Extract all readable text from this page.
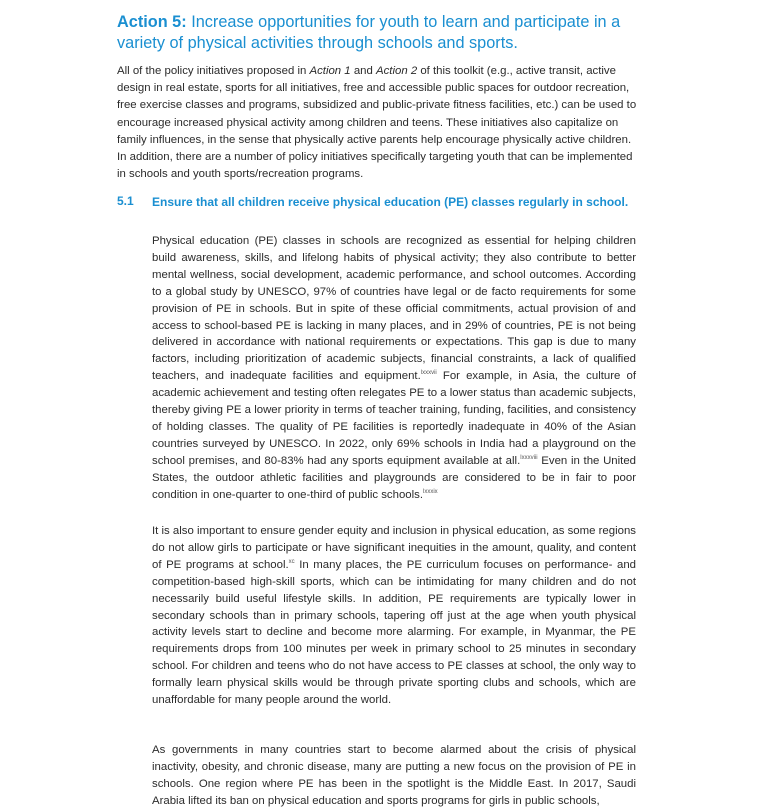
Action 5: Increase opportunities for youth to learn and participate in a variety of physical activities through schools and sports.

All of the policy initiatives proposed in Action 1 and Action 2 of this toolkit (e.g., active transit, active design in real estate, sports for all initiatives, free and accessible public spaces for outdoor recreation, free exercise classes and programs, subsidized and public-private fitness facilities, etc.) can be used to encourage increased physical activity among children and teens. These initiatives also capitalize on family influences, in the sense that physically active parents help encourage physically active children. In addition, there are a number of policy initiatives specifically targeting youth that can be implemented in schools and youth sports/recreation programs.

5.1 Ensure that all children receive physical education (PE) classes regularly in school.

Physical education (PE) classes in schools are recognized as essential for helping children build awareness, skills, and lifelong habits of physical activity; they also contribute to better mental wellness, social development, academic performance, and school outcomes. According to a global study by UNESCO, 97% of countries have legal or de facto requirements for some provision of PE in schools. But in spite of these official commitments, actual provision of and access to school-based PE is lacking in many places, and in 29% of countries, PE is not being delivered in accordance with national requirements or expectations. This gap is due to many factors, including prioritization of academic subjects, financial constraints, a lack of qualified teachers, and inadequate facilities and equipment.$^{lxxxvii}$ For example, in Asia, the culture of academic achievement and testing often relegates PE to a lower status than academic subjects, thereby giving PE a lower priority in terms of teacher training, funding, facilities, and consistency of holding classes. The quality of PE facilities is reportedly inadequate in 40% of the Asian countries surveyed by UNESCO. In 2022, only 69% schools in India had a playground on the school premises, and 80-83% had any sports equipment available at all.$^{lxxxviii}$ Even in the United States, the outdoor athletic facilities and playgrounds are considered to be in fair to poor condition in one-quarter to one-third of public schools.$^{lxxxix}$

It is also important to ensure gender equity and inclusion in physical education, as some regions do not allow girls to participate or have significant inequities in the amount, quality, and content of PE programs at school.$^{xc}$ In many places, the PE curriculum focuses on performance- and competition-based high-skill sports, which can be intimidating for many children and do not necessarily build useful lifestyle skills. In addition, PE requirements are typically lower in secondary schools than in primary schools, tapering off just at the age when youth physical activity levels start to decline and become more alarming. For example, in Myanmar, the PE requirements drops from 100 minutes per week in primary school to 25 minutes in secondary school. For children and teens who do not have access to PE classes at school, the only way to formally learn physical skills would be through private sporting clubs and schools, which are unaffordable for many people around the world.

As governments in many countries start to become alarmed about the crisis of physical inactivity, obesity, and chronic disease, many are putting a new focus on the provision of PE in schools. One region where PE has been in the spotlight is the Middle East. In 2017, Saudi Arabia lifted its ban on physical education and sports programs for girls in public schools,
